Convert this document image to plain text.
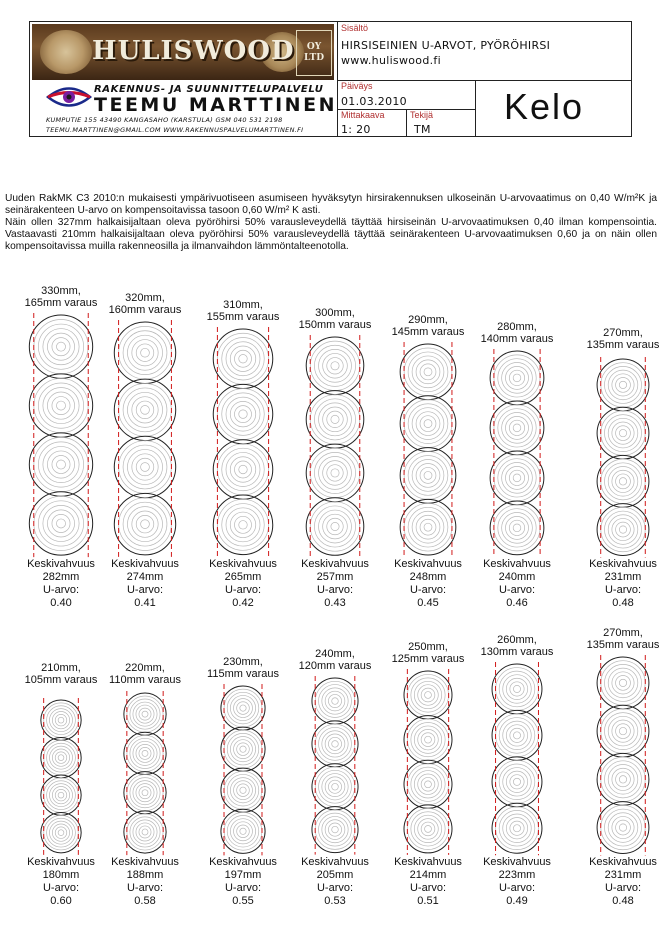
HULISWOOD OY
LTD
RAKENNUS- JA SUUNNITTELUPALVELU
TEEMU MARTTINEN
KUMPUTIE 155 43490 KANGASAHO (KARSTULA) GSM 040 531 2198
TEEMU.MARTTINEN@GMAIL.COM WWW.RAKENNUSPALVELUMARTTINEN.FI
Sisältö
HIRSISEINIEN U-ARVOT, PYÖRÖHIRSI
www.huliswood.fi
Päiväys
01.03.2010
Mittakaava
1: 20
Tekijä
TM
Kelo

Uuden RakMK C3 2010:n mukaisesti ympärivuotiseen asumiseen hyväksytyn hirsirakennuksen ulkoseinän U-arvovaatimus on 0,40 W/m²K ja seinärakenteen U-arvo on kompensoitavissa tasoon 0,60 W/m² K asti.

Näin ollen 327mm halkaisijaltaan oleva pyöröhirsi 50% varausleveydellä täyttää hirsiseinän U-arvovaatimuksen 0,40 ilman kompensointia. Vastaavasti 210mm halkaisijaltaan oleva pyöröhirsi 50% varausleveydellä täyttää seinärakenteen U-arvovaatimuksen 0,60 ja on näin ollen kompensoitavissa muilla rakenneosilla ja ilmanvaihdon lämmöntalteenotolla.

330mm,
165mm varaus
Keskivahvuus
282mm
U-arvo:
0.40
320mm,
160mm varaus
Keskivahvuus
274mm
U-arvo:
0.41
310mm,
155mm varaus
Keskivahvuus
265mm
U-arvo:
0.42
300mm,
150mm varaus
Keskivahvuus
257mm
U-arvo:
0.43
290mm,
145mm varaus
Keskivahvuus
248mm
U-arvo:
0.45
280mm,
140mm varaus
Keskivahvuus
240mm
U-arvo:
0.46
270mm,
135mm varaus
Keskivahvuus
231mm
U-arvo:
0.48
210mm,
105mm varaus
Keskivahvuus
180mm
U-arvo:
0.60
220mm,
110mm varaus
Keskivahvuus
188mm
U-arvo:
0.58
230mm,
115mm varaus
Keskivahvuus
197mm
U-arvo:
0.55
240mm,
120mm varaus
Keskivahvuus
205mm
U-arvo:
0.53
250mm,
125mm varaus
Keskivahvuus
214mm
U-arvo:
0.51
260mm,
130mm varaus
Keskivahvuus
223mm
U-arvo:
0.49
270mm,
135mm varaus
Keskivahvuus
231mm
U-arvo:
0.48
